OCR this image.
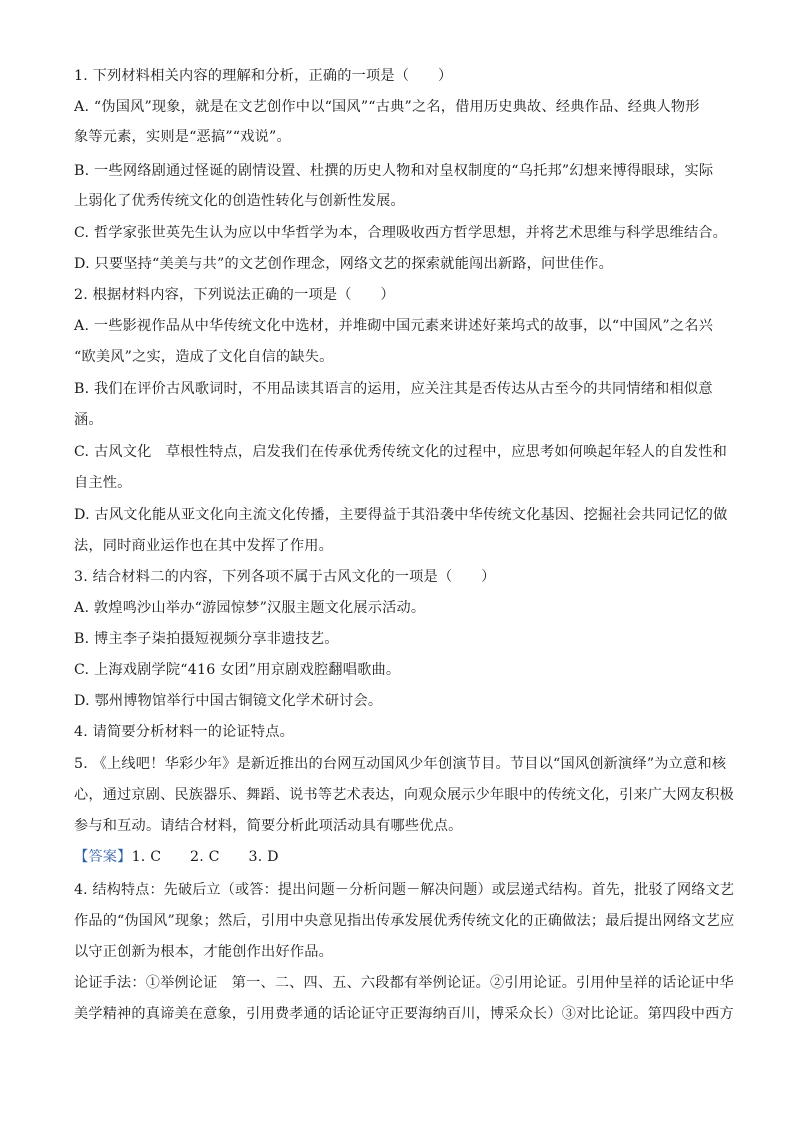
1. 下列材料相关内容的理解和分析，正确的一项是（　　）
A. “伪国风”现象，就是在文艺创作中以“国风”“古典”之名，借用历史典故、经典作品、经典人物形
象等元素，实则是“恶搞”“戏说”。
B. 一些网络剧通过怪诞的剧情设置、杜撰的历史人物和对皇权制度的“乌托邦”幻想来博得眼球，实际
上弱化了优秀传统文化的创造性转化与创新性发展。
C. 哲学家张世英先生认为应以中华哲学为本，合理吸收西方哲学思想，并将艺术思维与科学思维结合。
D. 只要坚持“美美与共”的文艺创作理念，网络文艺的探索就能闯出新路，问世佳作。
2. 根据材料内容，下列说法正确的一项是（　　）
A. 一些影视作品从中华传统文化中选材，并堆砌中国元素来讲述好莱坞式的故事，以“中国风”之名兴
“欧美风”之实，造成了文化自信的缺失。
B. 我们在评价古风歌词时，不用品读其语言的运用，应关注其是否传达从古至今的共同情绪和相似意
涵。
C. 古风文化　草根性特点，启发我们在传承优秀传统文化的过程中，应思考如何唤起年轻人的自发性和
自主性。
D. 古风文化能从亚文化向主流文化传播，主要得益于其沿袭中华传统文化基因、挖掘社会共同记忆的做
法，同时商业运作也在其中发挥了作用。
3. 结合材料二的内容，下列各项不属于古风文化的一项是（　　）
A. 敦煌鸣沙山举办“游园惊梦”汉服主题文化展示活动。
B. 博主李子柒拍摄短视频分享非遗技艺。
C. 上海戏剧学院“416 女团”用京剧戏腔翻唱歌曲。
D. 鄂州博物馆举行中国古铜镜文化学术研讨会。
4. 请简要分析材料一的论证特点。
5. 《上线吧！华彩少年》是新近推出的台网互动国风少年创演节目。节目以“国风创新演绎”为立意和核
心，通过京剧、民族器乐、舞蹈、说书等艺术表达，向观众展示少年眼中的传统文化，引来广大网友积极
参与和互动。请结合材料，简要分析此项活动具有哪些优点。
【答案】1. C　　2. C　　3. D
4. 结构特点：先破后立（或答：提出问题－分析问题－解决问题）或层递式结构。首先，批驳了网络文艺
作品的“伪国风”现象；然后，引用中央意见指出传承发展优秀传统文化的正确做法；最后提出网络文艺应
以守正创新为根本，才能创作出好作品。
论证手法：①举例论证　第一、二、四、五、六段都有举例论证。②引用论证。引用仲呈祥的话论证中华
美学精神的真谛美在意象，引用费孝通的话论证守正要海纳百川，博采众长）③对比论证。第四段中西方
